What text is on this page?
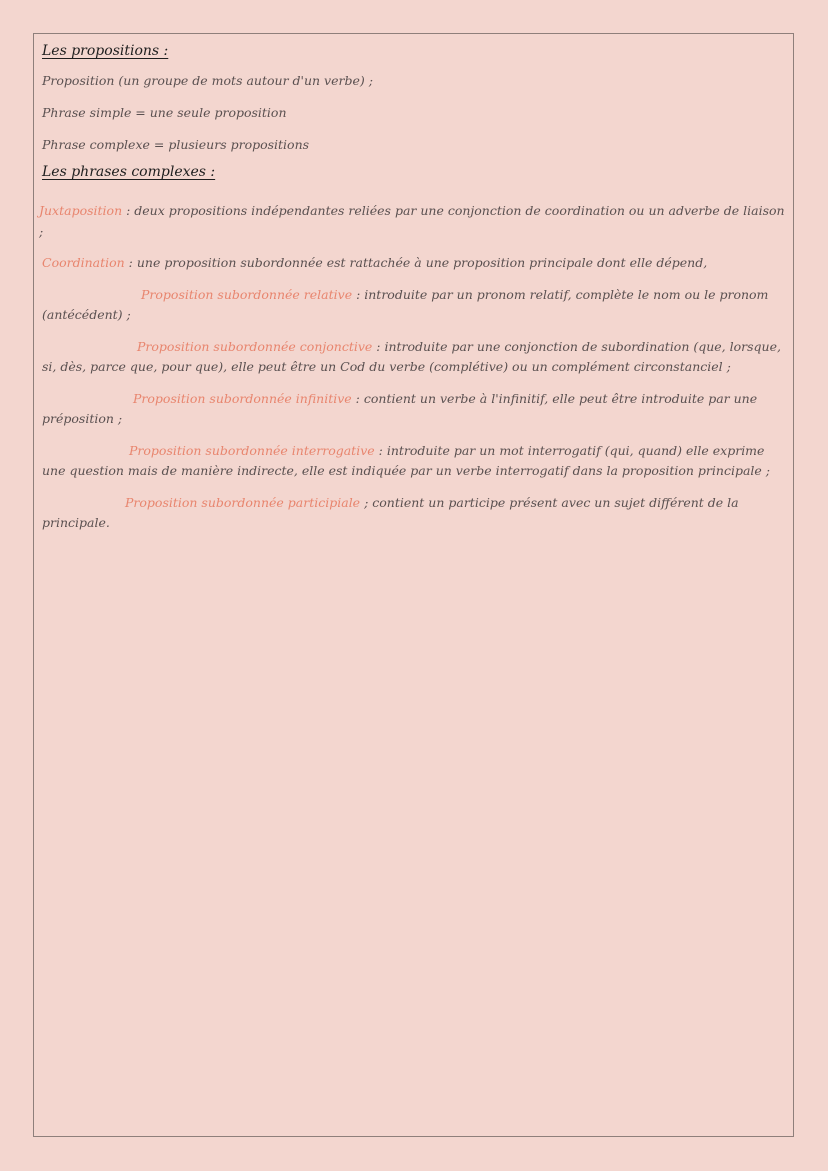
Les propositions :

Proposition (un groupe de mots autour d'un verbe) ;

Phrase simple = une seule proposition

Phrase complexe = plusieurs propositions

Les phrases complexes :

Juxtaposition : deux propositions indépendantes reliées par une conjonction de coordination ou un adverbe de liaison ;

Coordination : une proposition subordonnée est rattachée à une proposition principale dont elle dépend,

Proposition subordonnée relative : introduite par un pronom relatif, complète le nom ou le pronom (antécédent) ;

Proposition subordonnée conjonctive : introduite par une conjonction de subordination (que, lorsque, si, dès, parce que, pour que), elle peut être un Cod du verbe (complétive) ou un complément circonstanciel ;

Proposition subordonnée infinitive : contient un verbe à l'infinitif, elle peut être introduite par une préposition ;

Proposition subordonnée interrogative : introduite par un mot interrogatif (qui, quand) elle exprime une question mais de manière indirecte, elle est indiquée par un verbe interrogatif dans la proposition principale ;

Proposition subordonnée participiale ; contient un participe présent avec un sujet différent de la principale.
